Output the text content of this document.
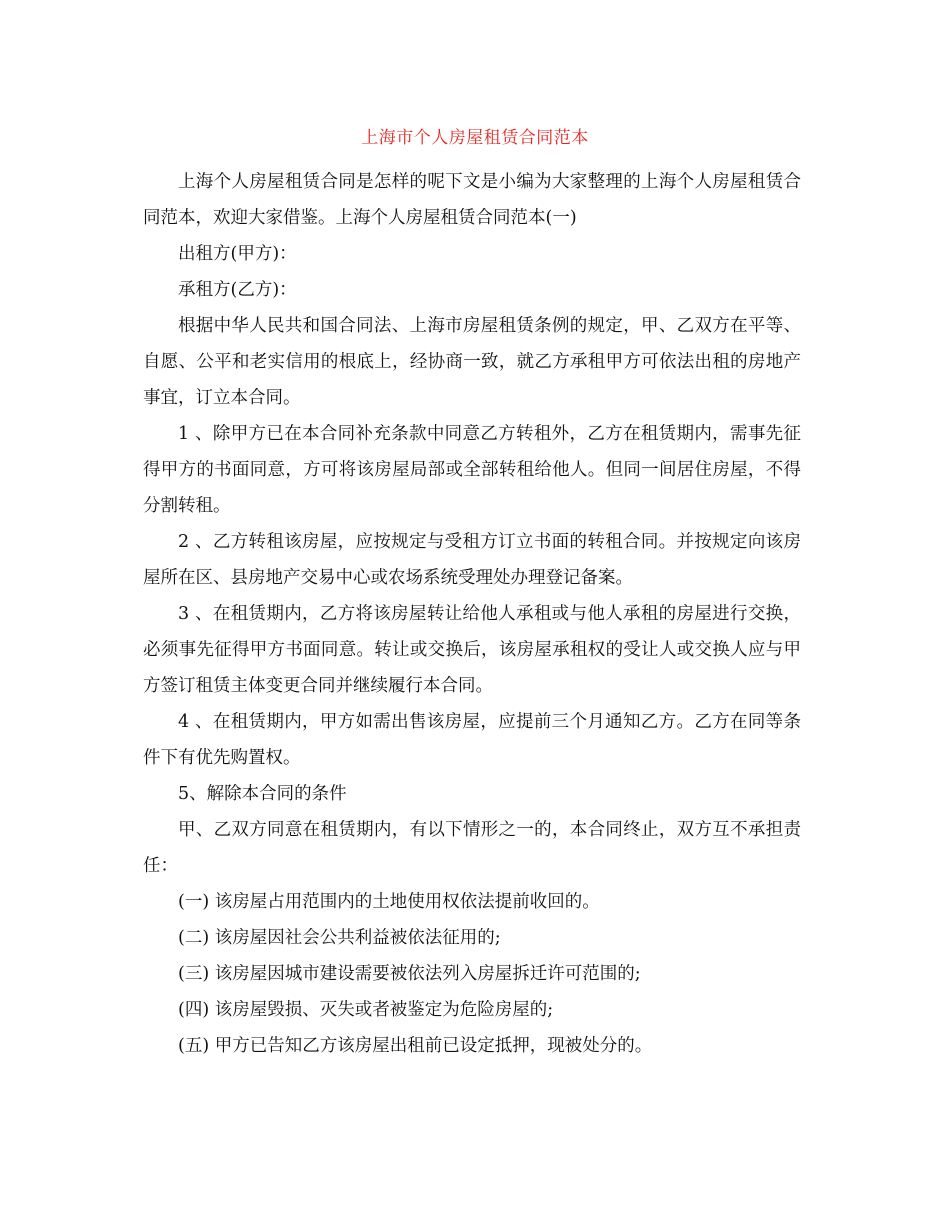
上海市个人房屋租赁合同范本

上海个人房屋租赁合同是怎样的呢下文是小编为大家整理的上海个人房屋租赁合同范本，欢迎大家借鉴。上海个人房屋租赁合同范本(一)

出租方(甲方)：

承租方(乙方)：

根据中华人民共和国合同法、上海市房屋租赁条例的规定，甲、乙双方在平等、自愿、公平和老实信用的根底上，经协商一致，就乙方承租甲方可依法出租的房地产事宜，订立本合同。

1 、除甲方已在本合同补充条款中同意乙方转租外，乙方在租赁期内，需事先征得甲方的书面同意，方可将该房屋局部或全部转租给他人。但同一间居住房屋，不得分割转租。

2 、乙方转租该房屋，应按规定与受租方订立书面的转租合同。并按规定向该房屋所在区、县房地产交易中心或农场系统受理处办理登记备案。

3 、在租赁期内，乙方将该房屋转让给他人承租或与他人承租的房屋进行交换，必须事先征得甲方书面同意。转让或交换后，该房屋承租权的受让人或交换人应与甲方签订租赁主体变更合同并继续履行本合同。

4 、在租赁期内，甲方如需出售该房屋，应提前三个月通知乙方。乙方在同等条件下有优先购置权。

5、解除本合同的条件

甲、乙双方同意在租赁期内，有以下情形之一的，本合同终止，双方互不承担责任：

(一) 该房屋占用范围内的土地使用权依法提前收回的。

(二) 该房屋因社会公共利益被依法征用的;

(三) 该房屋因城市建设需要被依法列入房屋拆迁许可范围的;

(四) 该房屋毁损、灭失或者被鉴定为危险房屋的;

(五) 甲方已告知乙方该房屋出租前已设定抵押，现被处分的。
